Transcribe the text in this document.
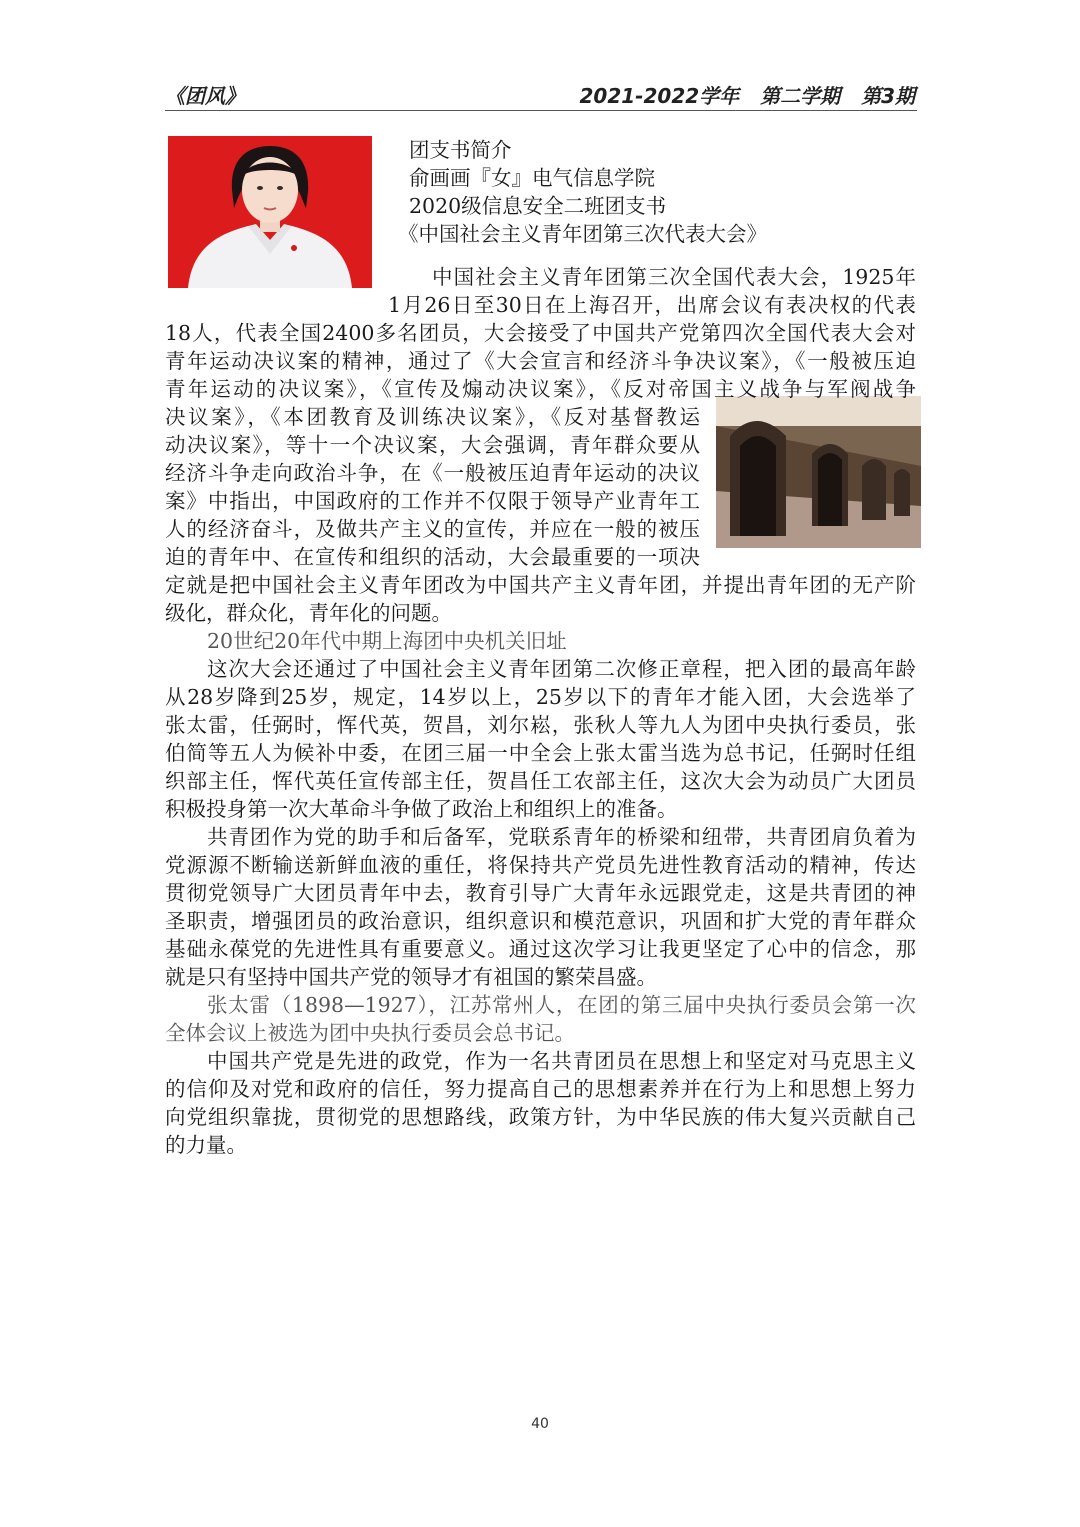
《团风》	2021-2022学年 第二学期 第3期
团支书简介
俞画画『女』电气信息学院
2020级信息安全二班团支书
《中国社会主义青年团第三次代表大会》
中国社会主义青年团第三次全国代表大会，1925年
1月26日至30日在上海召开，出席会议有表决权的代表
18人，代表全国2400多名团员，大会接受了中国共产党第四次全国代表大会对
青年运动决议案的精神，通过了《大会宣言和经济斗争决议案》，《一般被压迫
青年运动的决议案》，《宣传及煽动决议案》，《反对帝国主义战争与军阀战争
决议案》，《本团教育及训练决议案》，《反对基督教运
动决议案》，等十一个决议案，大会强调，青年群众要从
经济斗争走向政治斗争，在《一般被压迫青年运动的决议
案》中指出，中国政府的工作并不仅限于领导产业青年工
人的经济奋斗，及做共产主义的宣传，并应在一般的被压
迫的青年中、在宣传和组织的活动，大会最重要的一项决
定就是把中国社会主义青年团改为中国共产主义青年团，并提出青年团的无产阶
级化，群众化，青年化的问题。
20世纪20年代中期上海团中央机关旧址
这次大会还通过了中国社会主义青年团第二次修正章程，把入团的最高年龄
从28岁降到25岁，规定，14岁以上，25岁以下的青年才能入团，大会选举了
张太雷，任弼时，恽代英，贺昌，刘尔崧，张秋人等九人为团中央执行委员，张
伯简等五人为候补中委，在团三届一中全会上张太雷当选为总书记，任弼时任组
织部主任，恽代英任宣传部主任，贺昌任工农部主任，这次大会为动员广大团员
积极投身第一次大革命斗争做了政治上和组织上的准备。
共青团作为党的助手和后备军，党联系青年的桥梁和纽带，共青团肩负着为
党源源不断输送新鲜血液的重任，将保持共产党员先进性教育活动的精神，传达
贯彻党领导广大团员青年中去，教育引导广大青年永远跟党走，这是共青团的神
圣职责，增强团员的政治意识，组织意识和模范意识，巩固和扩大党的青年群众
基础永葆党的先进性具有重要意义。通过这次学习让我更坚定了心中的信念，那
就是只有坚持中国共产党的领导才有祖国的繁荣昌盛。
张太雷（1898—1927），江苏常州人，在团的第三届中央执行委员会第一次
全体会议上被选为团中央执行委员会总书记。
中国共产党是先进的政党，作为一名共青团员在思想上和坚定对马克思主义
的信仰及对党和政府的信任，努力提高自己的思想素养并在行为上和思想上努力
向党组织靠拢，贯彻党的思想路线，政策方针，为中华民族的伟大复兴贡献自己
的力量。
40
